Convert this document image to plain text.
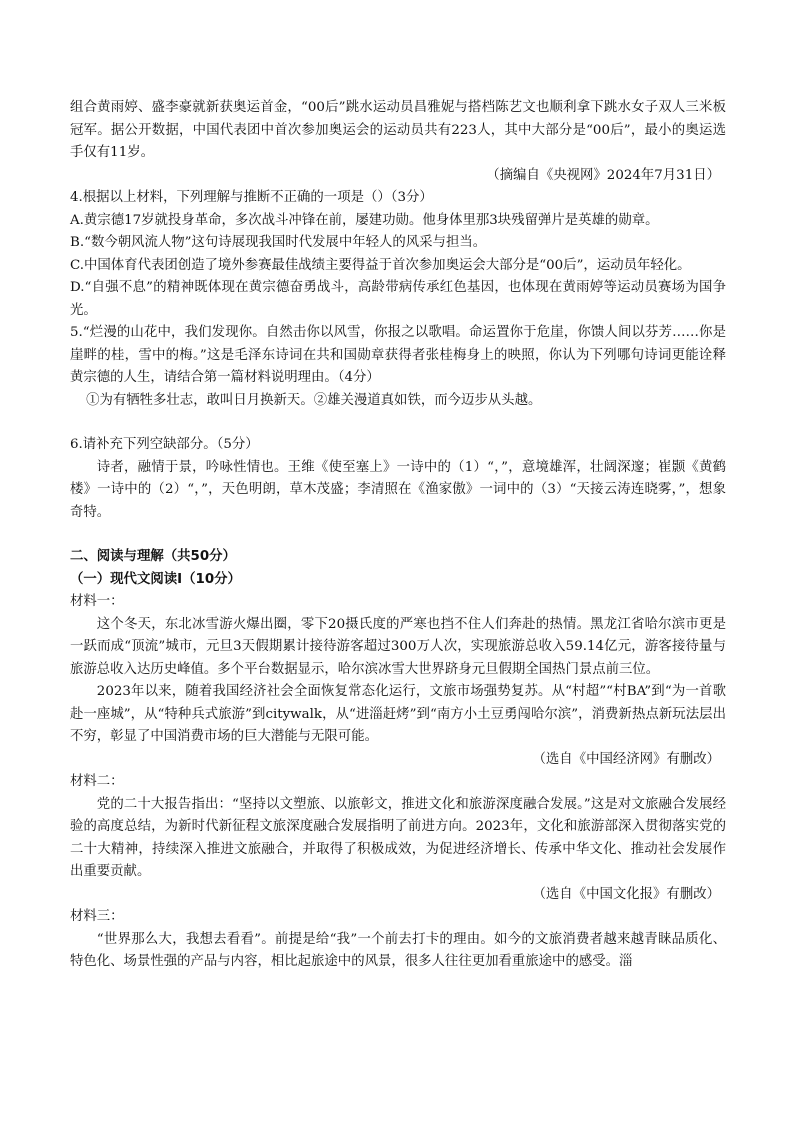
组合黄雨婷、盛李豪就新获奥运首金，“00后”跳水运动员昌雅妮与搭档陈艺文也顺利拿下跳水女子双人三米板冠军。据公开数据，中国代表团中首次参加奥运会的运动员共有223人，其中大部分是“00后”，最小的奥运选手仅有11岁。

（摘编自《央视网》2024年7月31日）

4.根据以上材料，下列理解与推断不正确的一项是（）（3分）

A.黄宗德17岁就投身革命，多次战斗冲锋在前，屡建功勋。他身体里那3块残留弹片是英雄的勋章。

B.“数今朝风流人物”这句诗展现我国时代发展中年轻人的风采与担当。

C.中国体育代表团创造了境外参赛最佳战绩主要得益于首次参加奥运会大部分是“00后”，运动员年轻化。

D.“自强不息”的精神既体现在黄宗德奋勇战斗，高龄带病传承红色基因，也体现在黄雨婷等运动员赛场为国争光。

5.“烂漫的山花中，我们发现你。自然击你以风雪，你报之以歌唱。命运置你于危崖，你馈人间以芬芳……你是崖畔的桂，雪中的梅。”这是毛泽东诗词在共和国勋章获得者张桂梅身上的映照，你认为下列哪句诗词更能诠释黄宗德的人生，请结合第一篇材料说明理由。（4分）

①为有牺牲多壮志，敢叫日月换新天。②雄关漫道真如铁，而今迈步从头越。

6.请补充下列空缺部分。（5分）

诗者，融情于景，吟咏性情也。王维《使至塞上》一诗中的（1）“，”，意境雄浑，壮阔深邃；崔颢《黄鹤楼》一诗中的（2）“，”，天色明朗，草木茂盛；李清照在《渔家傲》一词中的（3）“天接云涛连晓雾，”，想象奇特。

二、阅读与理解（共50分）

（一）现代文阅读Ⅰ（10分）

材料一：

这个冬天，东北冰雪游火爆出圈，零下20摄氏度的严寒也挡不住人们奔赴的热情。黑龙江省哈尔滨市更是一跃而成“顶流”城市，元旦3天假期累计接待游客超过300万人次，实现旅游总收入59.14亿元，游客接待量与旅游总收入达历史峰值。多个平台数据显示，哈尔滨冰雪大世界跻身元旦假期全国热门景点前三位。

2023年以来，随着我国经济社会全面恢复常态化运行，文旅市场强势复苏。从“村超”“村BA”到“为一首歌赴一座城”，从“特种兵式旅游”到citywalk，从“进淄赶烤”到“南方小土豆勇闯哈尔滨”，消费新热点新玩法层出不穷，彰显了中国消费市场的巨大潜能与无限可能。

（选自《中国经济网》有删改）

材料二：

党的二十大报告指出：“坚持以文塑旅、以旅彰文，推进文化和旅游深度融合发展。”这是对文旅融合发展经验的高度总结，为新时代新征程文旅深度融合发展指明了前进方向。2023年，文化和旅游部深入贯彻落实党的二十大精神，持续深入推进文旅融合，并取得了积极成效，为促进经济增长、传承中华文化、推动社会发展作出重要贡献。

（选自《中国文化报》有删改）

材料三：

“世界那么大，我想去看看”。前提是给“我”一个前去打卡的理由。如今的文旅消费者越来越青睐品质化、特色化、场景性强的产品与内容，相比起旅途中的风景，很多人往往更加看重旅途中的感受。淄
